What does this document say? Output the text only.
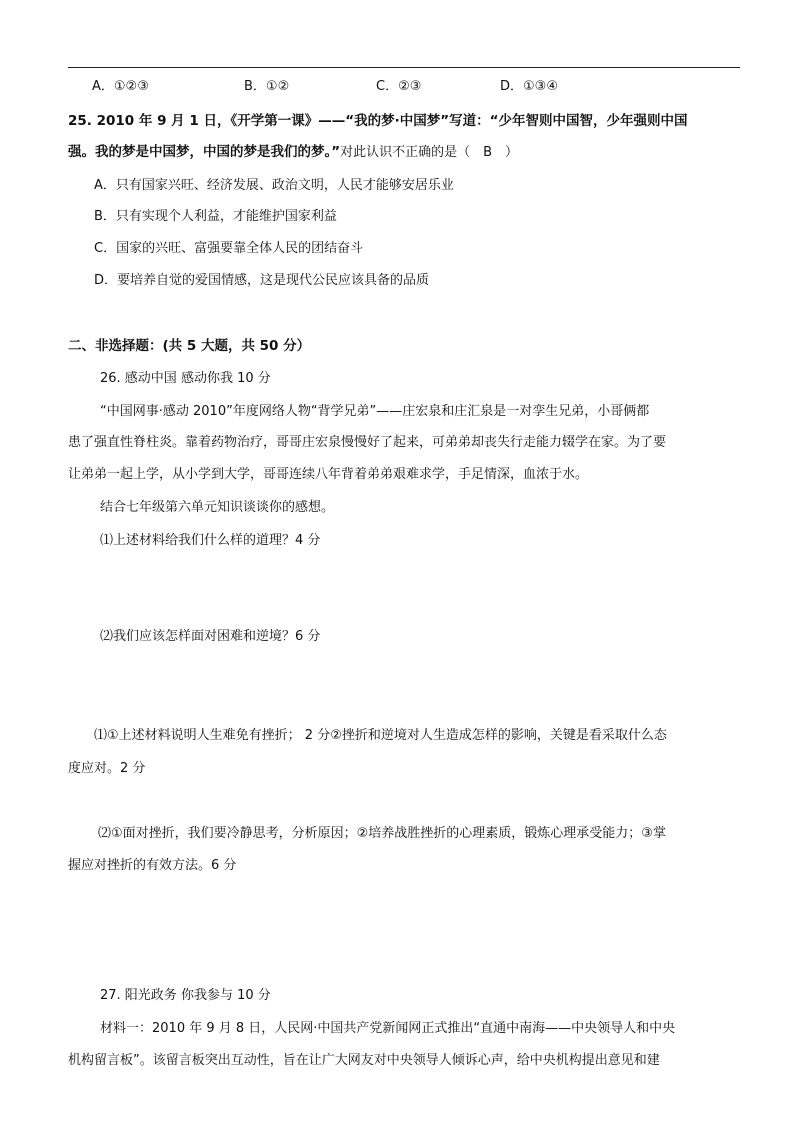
A．①②③	B．①②	C．②③	D．①③④
25. 2010 年 9 月 1 日，《开学第一课》——“我的梦·中国梦”写道：“少年智则中国智，少年强则中国
强。我的梦是中国梦，中国的梦是我们的梦。”对此认识不正确的是（　B　）
A．只有国家兴旺、经济发展、政治文明，人民才能够安居乐业
B．只有实现个人利益，才能维护国家利益
C．国家的兴旺、富强要靠全体人民的团结奋斗
D．要培养自觉的爱国情感，这是现代公民应该具备的品质
二、非选择题：(共 5 大题，共 50 分）
26. 感动中国 感动你我 10 分
“中国网事·感动 2010”年度网络人物“背学兄弟”——庄宏泉和庄汇泉是一对孪生兄弟，小哥俩都
患了强直性脊柱炎。靠着药物治疗，哥哥庄宏泉慢慢好了起来，可弟弟却丧失行走能力辍学在家。为了要
让弟弟一起上学，从小学到大学，哥哥连续八年背着弟弟艰难求学，手足情深，血浓于水。
结合七年级第六单元知识谈谈你的感想。
⑴上述材料给我们什么样的道理？4 分
⑵我们应该怎样面对困难和逆境？6 分
⑴①上述材料说明人生难免有挫折； 2 分②挫折和逆境对人生造成怎样的影响，关键是看采取什么态
度应对。2 分
⑵①面对挫折，我们要冷静思考，分析原因；②培养战胜挫折的心理素质，锻炼心理承受能力；③掌
握应对挫折的有效方法。6 分
27. 阳光政务 你我参与 10 分
材料一：2010 年 9 月 8 日，人民网·中国共产党新闻网正式推出“直通中南海——中央领导人和中央
机构留言板”。该留言板突出互动性，旨在让广大网友对中央领导人倾诉心声，给中央机构提出意见和建
